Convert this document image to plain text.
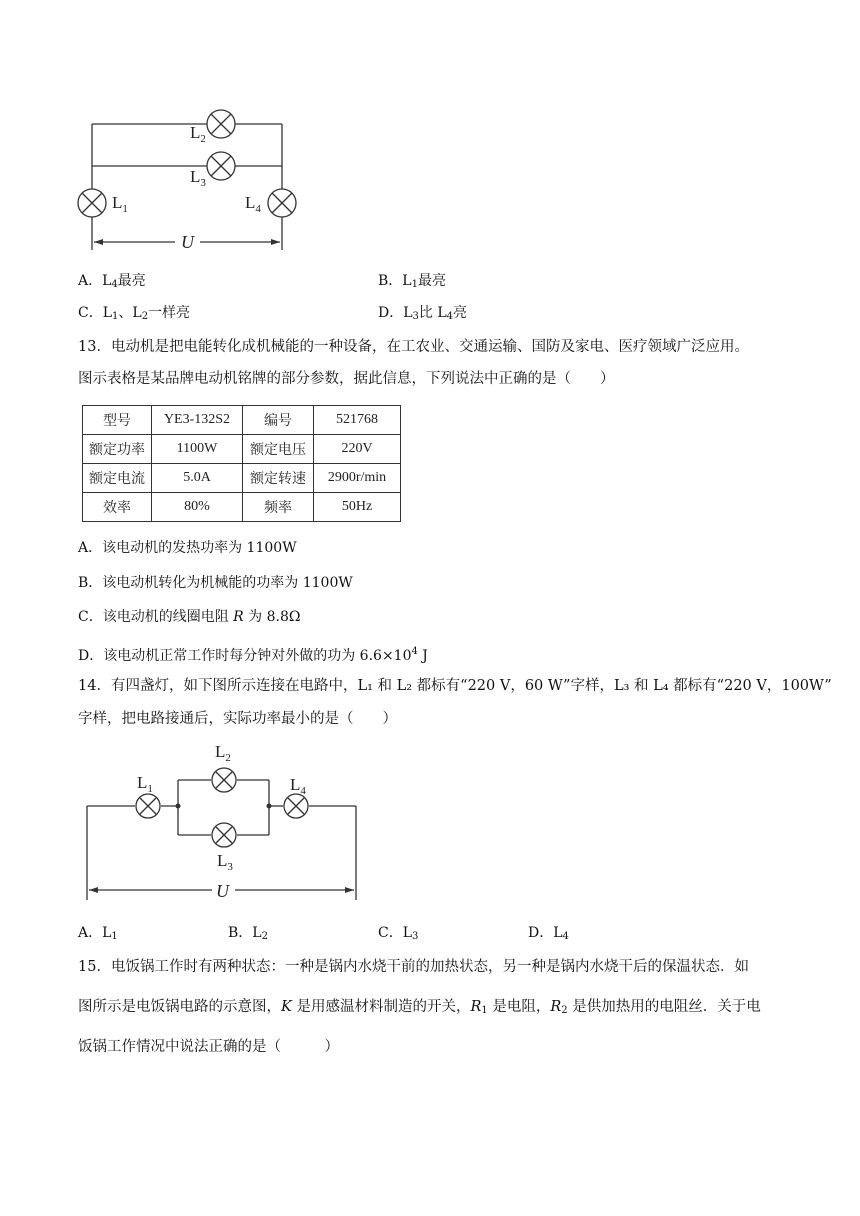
$L_2$
$L_3$
$L_1$	$L_4$
U
A．$L_4$最亮	B．$L_1$最亮
C．$L_1$、$L_2$一样亮	D．$L_3$比 $L_4$亮
13．电动机是把电能转化成机械能的一种设备，在工农业、交通运输、国防及家电、医疗领域广泛应用。
图示表格是某品牌电动机铭牌的部分参数，据此信息，下列说法中正确的是（　　）
型号	YE3-132S2	编号	521768
额定功率	1100W	额定电压	220V
额定电流	5.0A	额定转速	2900r/min
效率	80%	频率	50Hz
A．该电动机的发热功率为 1100W
B．该电动机转化为机械能的功率为 1100W
C．该电动机的线圈电阻 R 为 8.8Ω
D．该电动机正常工作时每分钟对外做的功为 $6.6\times 10^4$ J
14．有四盏灯，如下图所示连接在电路中，L₁ 和 L₂ 都标有“220 V，60 W”字样，L₃ 和 L₄ 都标有“220 V，100W”
字样，把电路接通后，实际功率最小的是（　　）
$L_1$
$L_2$
$L_3$
$L_4$
U
A．$L_1$	B．$L_2$	C．$L_3$	D．$L_4$
15．电饭锅工作时有两种状态：一种是锅内水烧干前的加热状态，另一种是锅内水烧干后的保温状态．如
图所示是电饭锅电路的示意图，K 是用感温材料制造的开关，$R_1$ 是电阻，$R_2$ 是供加热用的电阻丝．关于电
饭锅工作情况中说法正确的是（　　　）
